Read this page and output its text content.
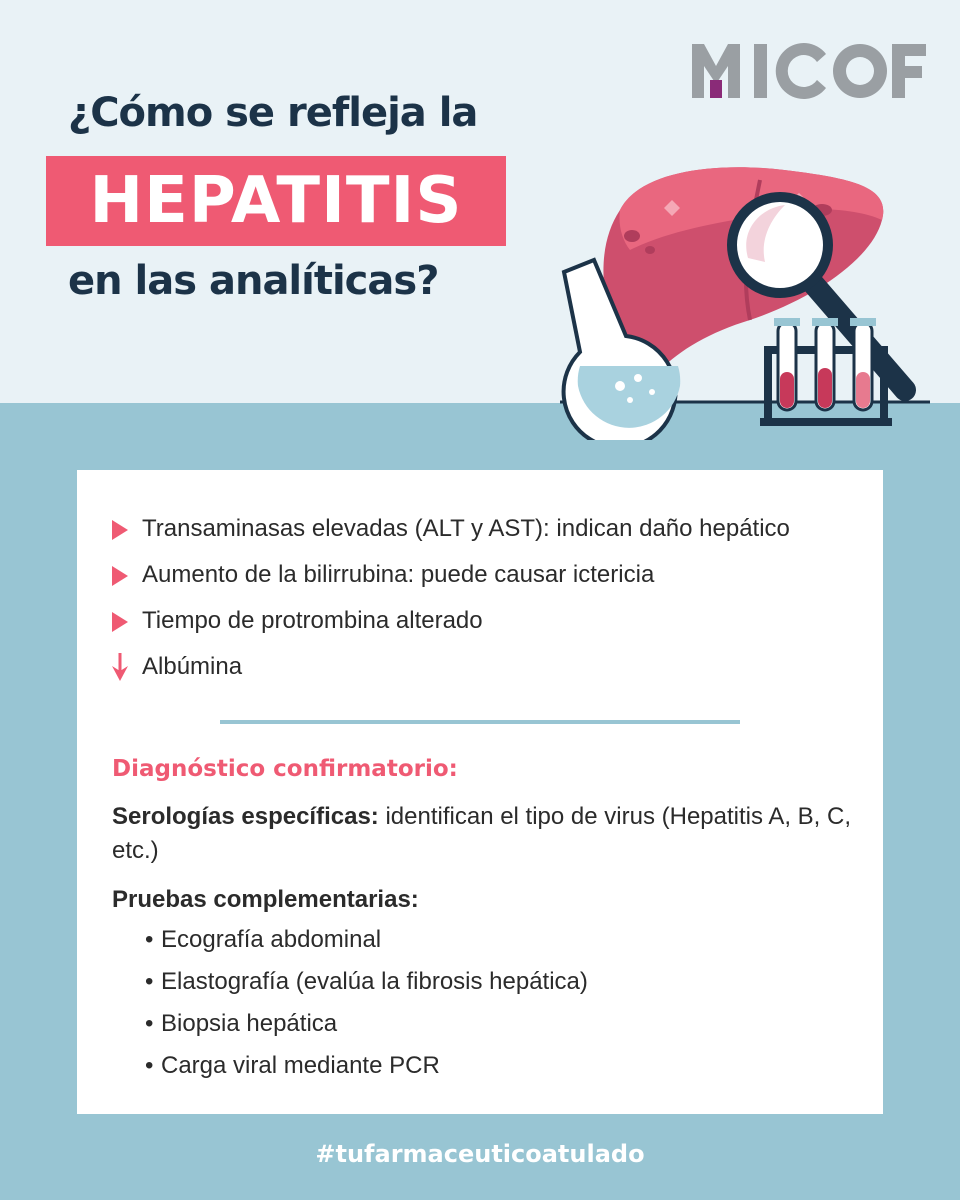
¿Cómo se refleja la
HEPATITIS
en las analíticas?
Transaminasas elevadas (ALT y AST): indican daño hepático
Aumento de la bilirrubina: puede causar ictericia
Tiempo de protrombina alterado
Albúmina
Diagnóstico confirmatorio:
Serologías específicas: identifican el tipo de virus (Hepatitis A, B, C, etc.)
Pruebas complementarias:
• Ecografía abdominal
• Elastografía (evalúa la fibrosis hepática)
• Biopsia hepática
• Carga viral mediante PCR
#tufarmaceuticoatulado
